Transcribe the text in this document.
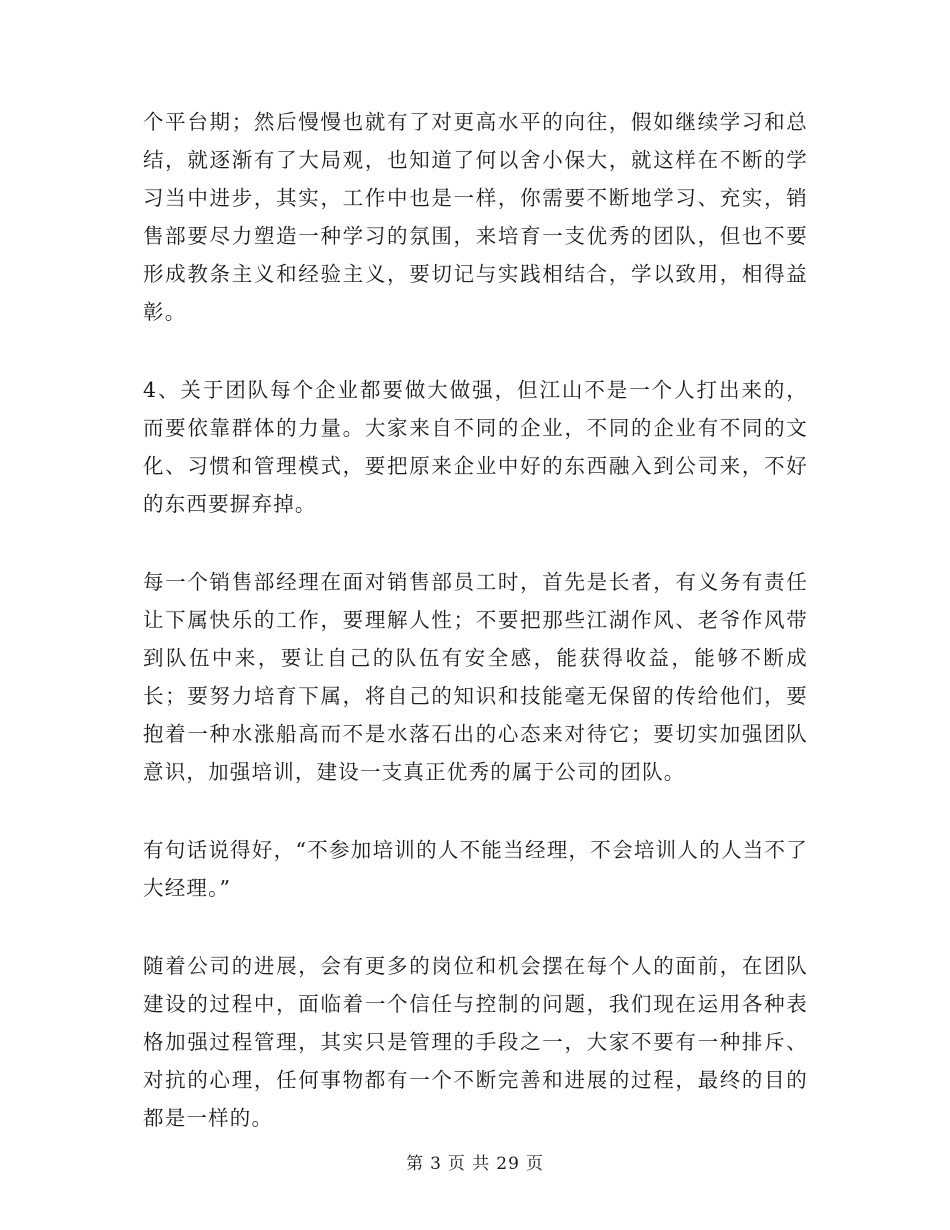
个平台期；然后慢慢也就有了对更高水平的向往，假如继续学习和总结，就逐渐有了大局观，也知道了何以舍小保大，就这样在不断的学习当中进步，其实，工作中也是一样，你需要不断地学习、充实，销售部要尽力塑造一种学习的氛围，来培育一支优秀的团队，但也不要形成教条主义和经验主义，要切记与实践相结合，学以致用，相得益彰。

4、关于团队每个企业都要做大做强，但江山不是一个人打出来的，而要依靠群体的力量。大家来自不同的企业，不同的企业有不同的文化、习惯和管理模式，要把原来企业中好的东西融入到公司来，不好的东西要摒弃掉。

每一个销售部经理在面对销售部员工时，首先是长者，有义务有责任让下属快乐的工作，要理解人性；不要把那些江湖作风、老爷作风带到队伍中来，要让自己的队伍有安全感，能获得收益，能够不断成长；要努力培育下属，将自己的知识和技能毫无保留的传给他们，要抱着一种水涨船高而不是水落石出的心态来对待它；要切实加强团队意识，加强培训，建设一支真正优秀的属于公司的团队。

有句话说得好，“不参加培训的人不能当经理，不会培训人的人当不了大经理。”

随着公司的进展，会有更多的岗位和机会摆在每个人的面前，在团队建设的过程中，面临着一个信任与控制的问题，我们现在运用各种表格加强过程管理，其实只是管理的手段之一，大家不要有一种排斥、对抗的心理，任何事物都有一个不断完善和进展的过程，最终的目的都是一样的。

第 3 页 共 29 页
